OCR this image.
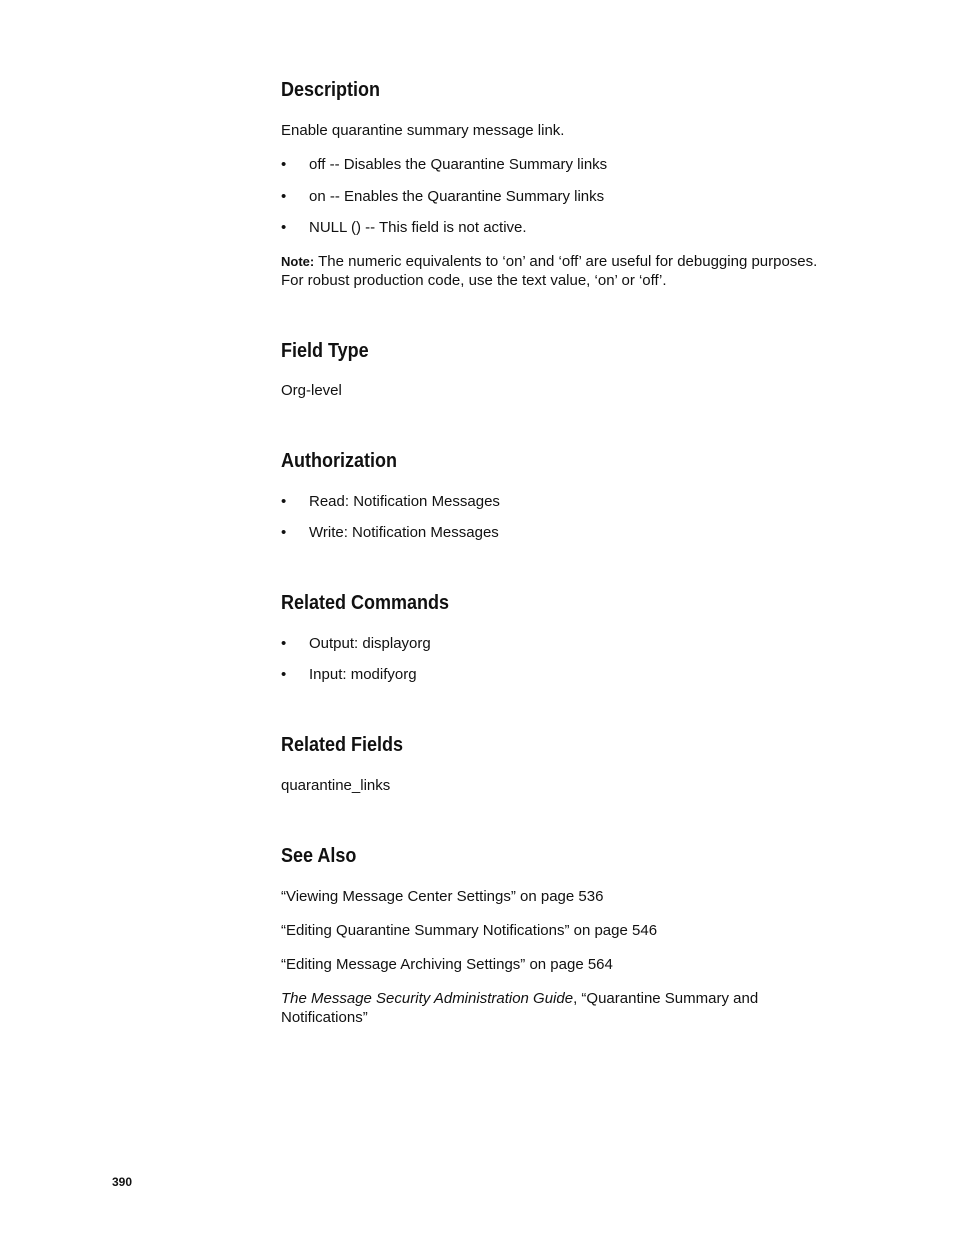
Description

Enable quarantine summary message link.

• off -- Disables the Quarantine Summary links
• on -- Enables the Quarantine Summary links
• NULL () -- This field is not active.

Note: The numeric equivalents to ‘on’ and ‘off’ are useful for debugging purposes.

For robust production code, use the text value, ‘on’ or ‘off’.

Field Type

Org-level

Authorization
• Read: Notification Messages
• Write: Notification Messages
Related Commands
• Output: displayorg
• Input: modifyorg
Related Fields

quarantine_links

See Also

“Viewing Message Center Settings” on page 536

“Editing Quarantine Summary Notifications” on page 546

“Editing Message Archiving Settings” on page 564

The Message Security Administration Guide, “Quarantine Summary and

Notifications”

390
